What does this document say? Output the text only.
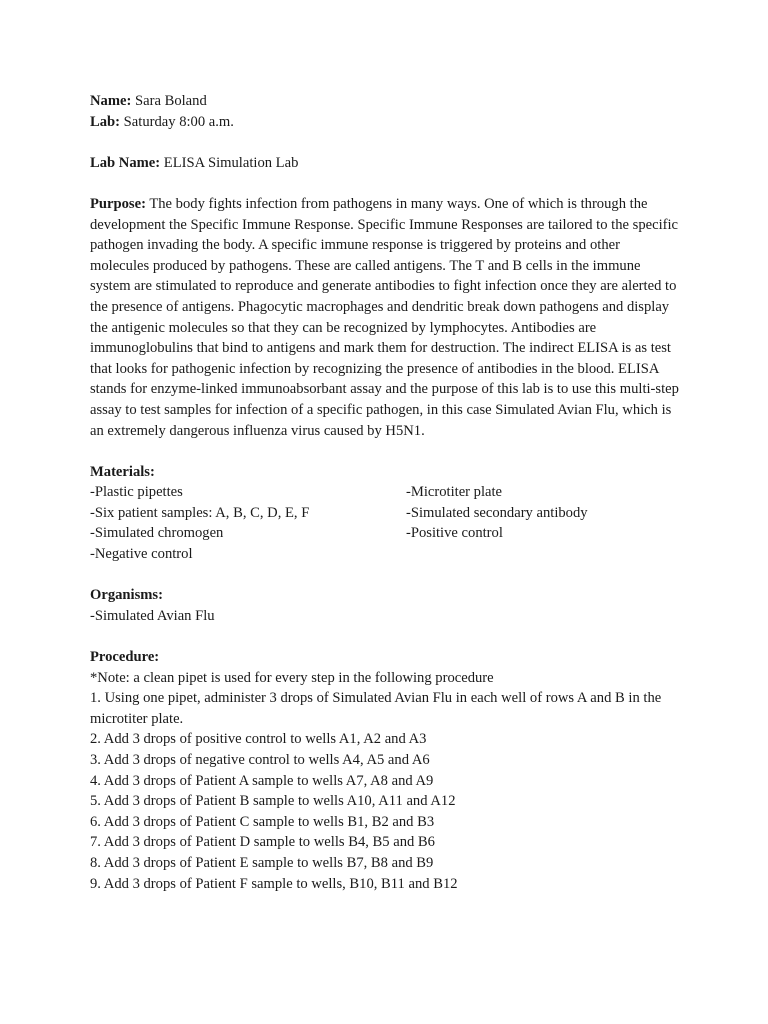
Name: Sara Boland

Lab: Saturday 8:00 a.m.

Lab Name: ELISA Simulation Lab

Purpose: The body fights infection from pathogens in many ways. One of which is through the development the Specific Immune Response. Specific Immune Responses are tailored to the specific pathogen invading the body. A specific immune response is triggered by proteins and other molecules produced by pathogens. These are called antigens. The T and B cells in the immune system are stimulated to reproduce and generate antibodies to fight infection once they are alerted to the presence of antigens. Phagocytic macrophages and dendritic break down pathogens and display the antigenic molecules so that they can be recognized by lymphocytes. Antibodies are immunoglobulins that bind to antigens and mark them for destruction. The indirect ELISA is as test that looks for pathogenic infection by recognizing the presence of antibodies in the blood. ELISA stands for enzyme-linked immunoabsorbant assay and the purpose of this lab is to use this multi-step assay to test samples for infection of a specific pathogen, in this case Simulated Avian Flu, which is an extremely dangerous influenza virus caused by H5N1.

Materials:

-Plastic pipettes

-Six patient samples: A, B, C, D, E, F

-Simulated chromogen

-Negative control

-Microtiter plate

-Simulated secondary antibody

-Positive control

Organisms:

-Simulated Avian Flu

Procedure:

*Note: a clean pipet is used for every step in the following procedure

1. Using one pipet, administer 3 drops of Simulated Avian Flu in each well of rows A and B in the microtiter plate.

2. Add 3 drops of positive control to wells A1, A2 and A3

3. Add 3 drops of negative control to wells A4, A5 and A6

4. Add 3 drops of Patient A sample to wells A7, A8 and A9

5. Add 3 drops of Patient B sample to wells A10, A11 and A12

6. Add 3 drops of Patient C sample to wells B1, B2 and B3

7. Add 3 drops of Patient D sample to wells B4, B5 and B6

8. Add 3 drops of Patient E sample to wells B7, B8 and B9

9. Add 3 drops of Patient F sample to wells, B10, B11 and B12
